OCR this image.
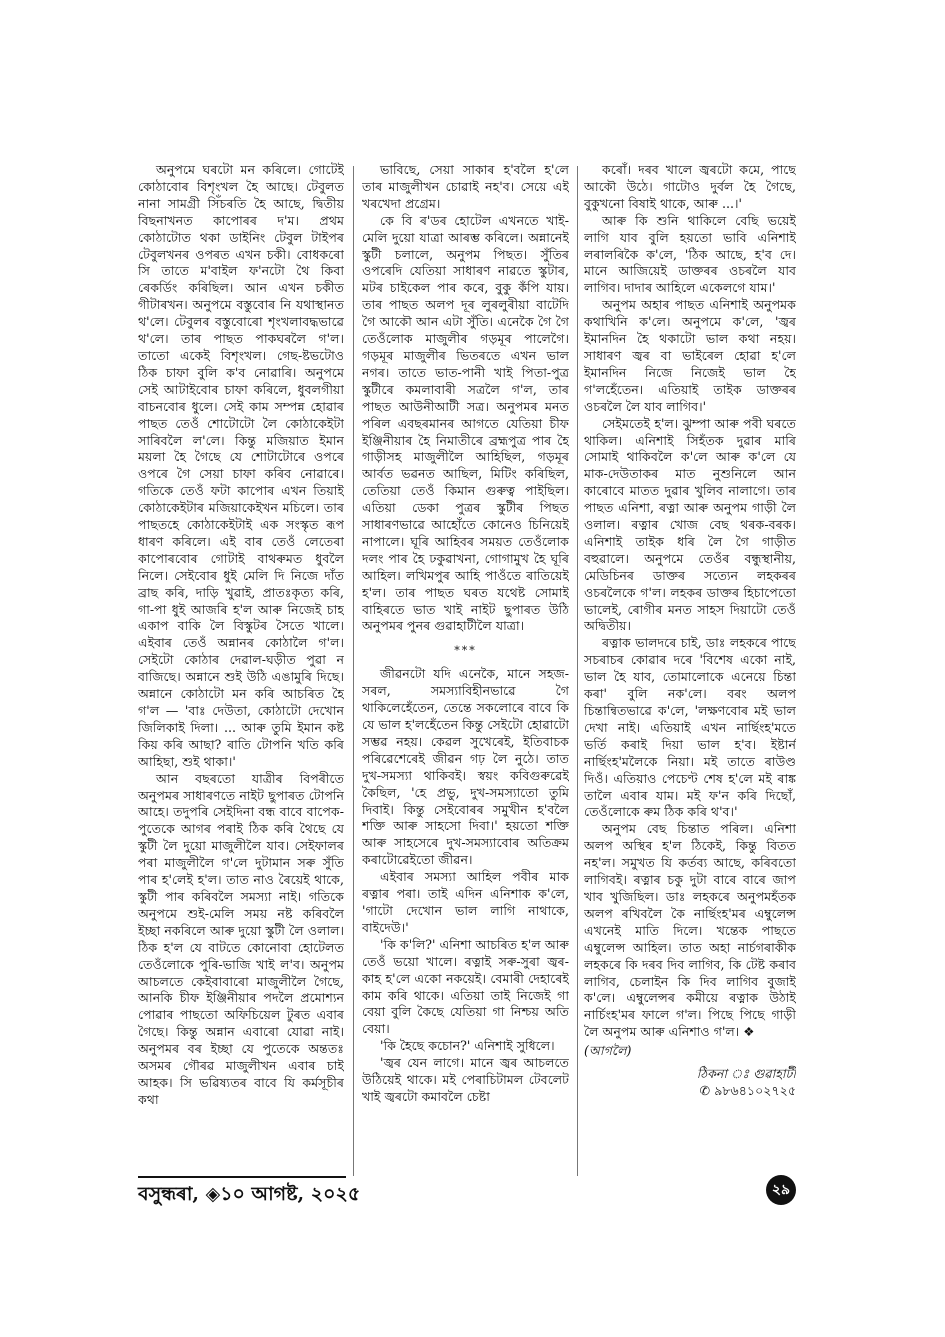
অনুপমে ঘৰটো মন কৰিলে। গোটেই কোঠাবোৰ বিশৃংখল হৈ আছে। টেবুলত নানা সামগ্ৰী সিঁচৰতি হৈ আছে, দ্বিতীয় বিছনাখনত কাপোৰৰ দ'ম। প্ৰথম কোঠাটোত থকা ডাইনিং টেবুল টাইপৰ টেবুলখনৰ ওপৰত এখন চকী। বোধকৰো সি তাতে ম'বাইল ফ'নটো থৈ কিবা ৰেকৰ্ডিং কৰিছিল। আন এখন চকীত গীটাৰখন। অনুপমে বস্তুবোৰ নি যথাস্থানত থ'লে। টেবুলৰ বস্তুবোৰো শৃংখলাবদ্ধভাৱে থ'লে। তাৰ পাছত পাকঘৰলৈ গ'ল। তাতো একেই বিশৃংখল। গেছ-ষ্টভটোও ঠিক চাফা বুলি ক'ব নোৱাৰি। অনুপমে সেই আটাইবোৰ চাফা কৰিলে, ধুবলগীয়া বাচনবোৰ ধুলে। সেই কাম সম্পন্ন হোৱাৰ পাছত তেওঁ শোটোটো লৈ কোঠাকেইটা সাৰিবলৈ ল'লে। কিন্তু মজিয়াত ইমান ময়লা হৈ গৈছে যে শোটাটোৰে ওপৰে ওপৰে গৈ সেয়া চাফা কৰিব নোৱাৰে। গতিকে তেওঁ ফটা কাপোৰ এখন তিয়াই কোঠাকেইটাৰ মজিয়াকেইখন মচিলে। তাৰ পাছতহে কোঠাকেইটাই এক সংস্কৃত ৰূপ ধাৰণ কৰিলে। এই বাৰ তেওঁ লেতেৰা কাপোৰবোৰ গোটাই বাথৰুমত ধুবলৈ নিলে। সেইবোৰ ধুই মেলি দি নিজে দাঁত ব্ৰাছ কৰি, দাড়ি খুৱাই, প্ৰাতঃকৃত্য কৰি, গা-পা ধুই আজৰি হ'ল আৰু নিজেই চাহ একাপ বাকি লৈ বিস্কুটৰ সৈতে খালে। এইবাৰ তেওঁ অন্নানৰ কোঠালৈ গ'ল। সেইটো কোঠাৰ দেৱাল-ঘড়ীত পুৱা ন বাজিছে। অন্নানে শুই উঠি এঙামুৰি দিছে। অন্নানে কোঠাটো মন কৰি আচৰিত হৈ গ'ল — 'বাঃ দেউতা, কোঠাটো দেখোন জিলিকাই দিলা। ... আৰু তুমি ইমান কষ্ট কিয় কৰি আছা? ৰাতি টোপনি খতি কৰি আহিছা, শুই থাকা।'

আন বছৰতো যাত্ৰীৰ বিপৰীতে অনুপমৰ সাধাৰণতে নাইট ছুপাৰত টোপনি আহে। তদুপৰি সেইদিনা বন্ধ বাবে বাপেক-পুতেকে আগৰ পৰাই ঠিক কৰি থৈছে যে স্কুটী লৈ দুয়ো মাজুলীলৈ যাব। সেইফালৰ পৰা মাজুলীলৈ গ'লে দুটামান সৰু সুঁতি পাৰ হ'লেই হ'ল। তাত নাও ৰৈয়েই থাকে, স্কুটী পাৰ কৰিবলৈ সমস্যা নাই। গতিকে অনুপমে শুই-মেলি সময় নষ্ট কৰিবলৈ ইচ্ছা নকৰিলে আৰু দুয়ো স্কুটী লৈ ওলাল। ঠিক হ'ল যে বাটতে কোনোবা হোটেলত তেওঁলোকে পুৰি-ভাজি খাই ল'ব। অনুপম আচলতে কেইবাবাৰো মাজুলীলৈ গৈছে, আনকি চীফ ইঞ্জিনীয়াৰ পদলৈ প্ৰমোশ্যন পোৱাৰ পাছতো অফিচিয়েল টুৰত এবাৰ গৈছে। কিন্তু অন্নান এবাৰো যোৱা নাই। অনুপমৰ বৰ ইচ্ছা যে পুতেকে অন্ততঃ অসমৰ গৌৰৱ মাজুলীখন এবাৰ চাই আহক। সি ভৱিষ্যতৰ বাবে যি কৰ্মসূচীৰ কথা

ভাবিছে, সেয়া সাকাৰ হ'বলৈ হ'লে তাৰ মাজুলীখন চোৱাই নহ'ব। সেয়ে এই খৰখেদা প্ৰগ্ৰেম।

কে বি ৰ'ডৰ হোটেল এখনতে খাই-মেলি দুয়ো যাত্ৰা আৰম্ভ কৰিলে। অন্নানেই স্কুটী চলালে, অনুপম পিছত। সুঁতিৰ ওপৰেদি যেতিয়া সাধাৰণ নাৱতে স্কুটাৰ, মটৰ চাইকেল পাৰ কৰে, বুকু কঁপি যায়। তাৰ পাছত অলপ দূৰ লুৰলুৰীয়া বাটেদি গৈ আকৌ আন এটা সুঁতি। এনেকৈ গৈ গৈ তেওঁলোক মাজুলীৰ গড়মূৰ পালেগৈ। গড়মূৰ মাজুলীৰ ভিতৰতে এখন ভাল নগৰ। তাতে ভাত-পানী খাই পিতা-পুত্ৰ স্কুটীৰে কমলাবাৰী সত্ৰলৈ গ'ল, তাৰ পাছত আউনীআটী সত্ৰ। অনুপমৰ মনত পৰিল এবছৰমানৰ আগতে যেতিয়া চীফ ইঞ্জিনীয়াৰ হৈ নিমাতীৰে ব্ৰহ্মপুত্ৰ পাৰ হৈ গাড়ীসহ মাজুলীলৈ আহিছিল, গড়মূৰ আৰ্বত ভৱনত আছিল, মিটিং কৰিছিল, তেতিয়া তেওঁ কিমান গুৰুত্ব পাইছিল। এতিয়া ডেকা পুত্ৰৰ স্কুটীৰ পিছত সাধাৰণভাৱে আহোঁতে কোনেও চিনিয়েই নাপালে। ঘূৰি আহিবৰ সময়ত তেওঁলোক দলং পাৰ হৈ ঢকুৱাখনা, গোগামুখ হৈ ঘূৰি আহিল। লখিমপুৰ আহি পাওঁতে ৰাতিয়েই হ'ল। তাৰ পাছত ঘৰত যথেষ্ট সোমাই বাহিৰতে ভাত খাই নাইট ছুপাৰত উঠি অনুপমৰ পুনৰ গুৱাহাটীলৈ যাত্ৰা।

***

জীৱনটো যদি এনেকৈ, মানে সহজ-সৰল, সমস্যাবিহীনভাৱে গৈ থাকিলেহেঁতেন, তেন্তে সকলোৰে বাবে কি যে ভাল হ'লহেঁতেন কিন্তু সেইটো হোৱাটো সম্ভৱ নহয়। কেৱল সুখেৰেই, ইতিবাচক পৰিৱেশেৰেই জীৱন গঢ় লৈ নুঠে। তাত দুখ-সমস্যা থাকিবই। স্বয়ং কবিগুৰুৱেই কৈছিল, 'হে প্ৰভু, দুখ-সমস্যাতো তুমি দিবাই। কিন্তু সেইবোৰৰ সমুখীন হ'বলৈ শক্তি আৰু সাহসো দিবা।' হয়তো শক্তি আৰু সাহসেৰে দুখ-সমস্যাবোৰ অতিক্ৰম কৰাটোৱেইতো জীৱন।

এইবাৰ সমস্যা আহিল পবীৰ মাক ৰত্নাৰ পৰা। তাই এদিন এনিশাক ক'লে, 'গাটো দেখোন ভাল লাগি নাথাকে, বাইদেউ।'

'কি ক'লি?' এনিশা আচৰিত হ'ল আৰু তেওঁ ভয়ো খালে। ৰত্নাই সৰু-সুৰা জ্বৰ-কাহ হ'লে একো নকয়েই। বেমাৰী দেহাৰেই কাম কৰি থাকে। এতিয়া তাই নিজেই গা বেয়া বুলি কৈছে যেতিয়া গা নিশ্চয় অতি বেয়া।

'কি হৈছে কচোন?' এনিশাই সুধিলে।

'জ্বৰ যেন লাগে। মানে জ্বৰ আচলতে উঠিয়েই থাকে। মই পেৰাচিটামল টেবলেট খাই জ্বৰটো কমাবলৈ চেষ্টা

কৰোঁ। দৰব খালে জ্বৰটো কমে, পাছে আকৌ উঠে। গাটোও দুৰ্বল হৈ গৈছে, বুকুখনো বিষাই থাকে, আৰু ...।'

আৰু কি শুনি থাকিলে বেছি ভয়েই লাগি যাব বুলি হয়তো ভাবি এনিশাই লৰালৰিকৈ ক'লে, 'ঠিক আছে, হ'ব দে। মানে আজিয়েই ডাক্তৰৰ ওচৰলৈ যাব লাগিব। দাদাৰ আহিলে একেলগে যাম।'

অনুপম অহাৰ পাছত এনিশাই অনুপমক কথাখিনি ক'লে। অনুপমে ক'লে, 'জ্বৰ ইমানদিন হৈ থকাটো ভাল কথা নহয়। সাধাৰণ জ্বৰ বা ভাইৰেল হোৱা হ'লে ইমানদিন নিজে নিজেই ভাল হৈ গ'লহেঁতেন। এতিয়াই তাইক ডাক্তৰৰ ওচৰলৈ লৈ যাব লাগিব।'

সেইমতেই হ'ল। ঝুম্পা আৰু পবী ঘৰতে থাকিল। এনিশাই সিহঁতক দুৱাৰ মাৰি সোমাই থাকিবলৈ ক'লে আৰু ক'লে যে মাক-দেউতাকৰ মাত নুশুনিলে আন কাৰোবে মাতত দুৱাৰ খুলিব নালাগে। তাৰ পাছত এনিশা, ৰত্না আৰু অনুপম গাড়ী লৈ ওলাল। ৰত্নাৰ খোজ বেছ থৰক-বৰক। এনিশাই তাইক ধৰি লৈ গৈ গাড়ীত বহুৱালে। অনুপমে তেওঁৰ বন্ধুস্থানীয়, মেডিচিনৰ ডাক্তৰ সত্যেন লহকৰৰ ওচৰলৈকে গ'ল। লহকৰ ডাক্তৰ হিচাপেতো ভালেই, ৰোগীৰ মনত সাহস দিয়াটো তেওঁ অদ্বিতীয়।

ৰত্নাক ভালদৰে চাই, ডাঃ লহকৰে পাছে সচৰাচৰ কোৱাৰ দৰে 'বিশেষ একো নাই, ভাল হৈ যাব, তোমালোকে এনেয়ে চিন্তা কৰা' বুলি নক'লে। বৰং অলপ চিন্তান্বিতভাৱে ক'লে, 'লক্ষণবোৰ মই ভাল দেখা নাই। এতিয়াই এখন নাৰ্ছিংহ'মতে ভৰ্তি কৰাই দিয়া ভাল হ'ব। ইষ্টাৰ্ন নাৰ্ছিংহ'মলৈকে নিয়া। মই তাতে ৰাউণ্ড দিওঁ। এতিয়াও পেচেণ্ট শেষ হ'লে মই ৰাঙ্ক তালৈ এবাৰ যাম। মই ফ'ন কৰি দিছোঁ, তেওঁলোকে ৰুম ঠিক কৰি থ'ব।'

অনুপম বেছ চিন্তাত পৰিল। এনিশা অলপ অস্থিৰ হ'ল ঠিকেই, কিন্তু বিতত নহ'ল। সমুখত যি কৰ্তব্য আছে, কৰিবতো লাগিবই। ৰত্নাৰ চকু দুটা বাৰে বাৰে জাপ খাব খুজিছিল। ডাঃ লহকৰে অনুপমহঁতক অলপ ৰখিবলৈ কৈ নাৰ্ছিংহ'মৰ এম্বুলেন্স এখনেই মাতি দিলে। খন্তেক পাছতে এম্বুলেন্স আহিল। তাত অহা নাৰ্চগৰাকীক লহকৰে কি দৰব দিব লাগিব, কি টেষ্ট কৰাব লাগিব, চেলাইন কি দিব লাগিব বুজাই ক'লে। এম্বুলেন্সৰ কমীয়ে ৰত্নাক উঠাই নাৰ্চিংহ'মৰ ফালে গ'ল। পিছে পিছে গাড়ী লৈ অনুপম আৰু এনিশাও গ'ল। ❖

(আগলৈ)
ঠিকনা ঃ গুৱাহাটী
✆ ৯৮৬৪১০২৭২৫
বসুন্ধৰা, ◈১০ আগষ্ট, ২০২৫	২৯
